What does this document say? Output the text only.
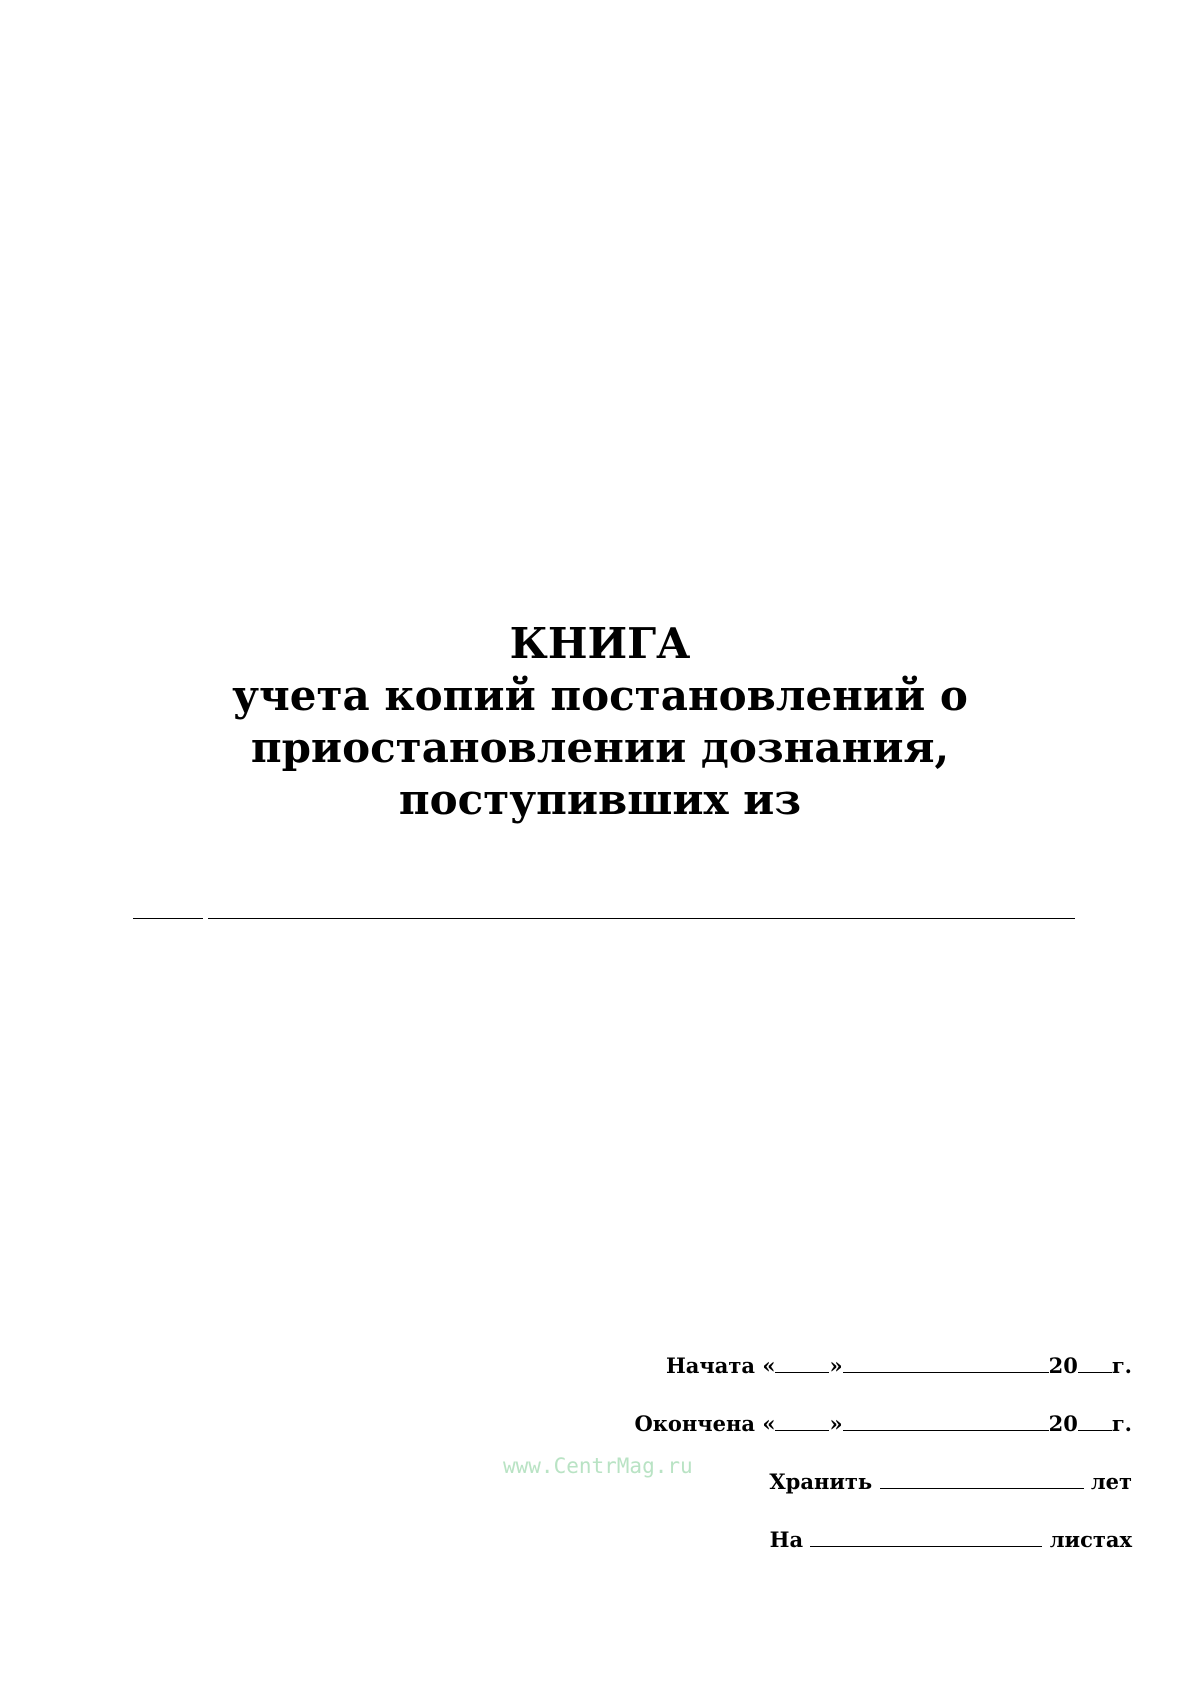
КНИГА
учета копий постановлений о
приостановлении дознания,
поступивших из
Начата «	»	20 г.
Окончена «	»	20 г.
Хранить	лет
На	листах
www.CentrMag.ru
